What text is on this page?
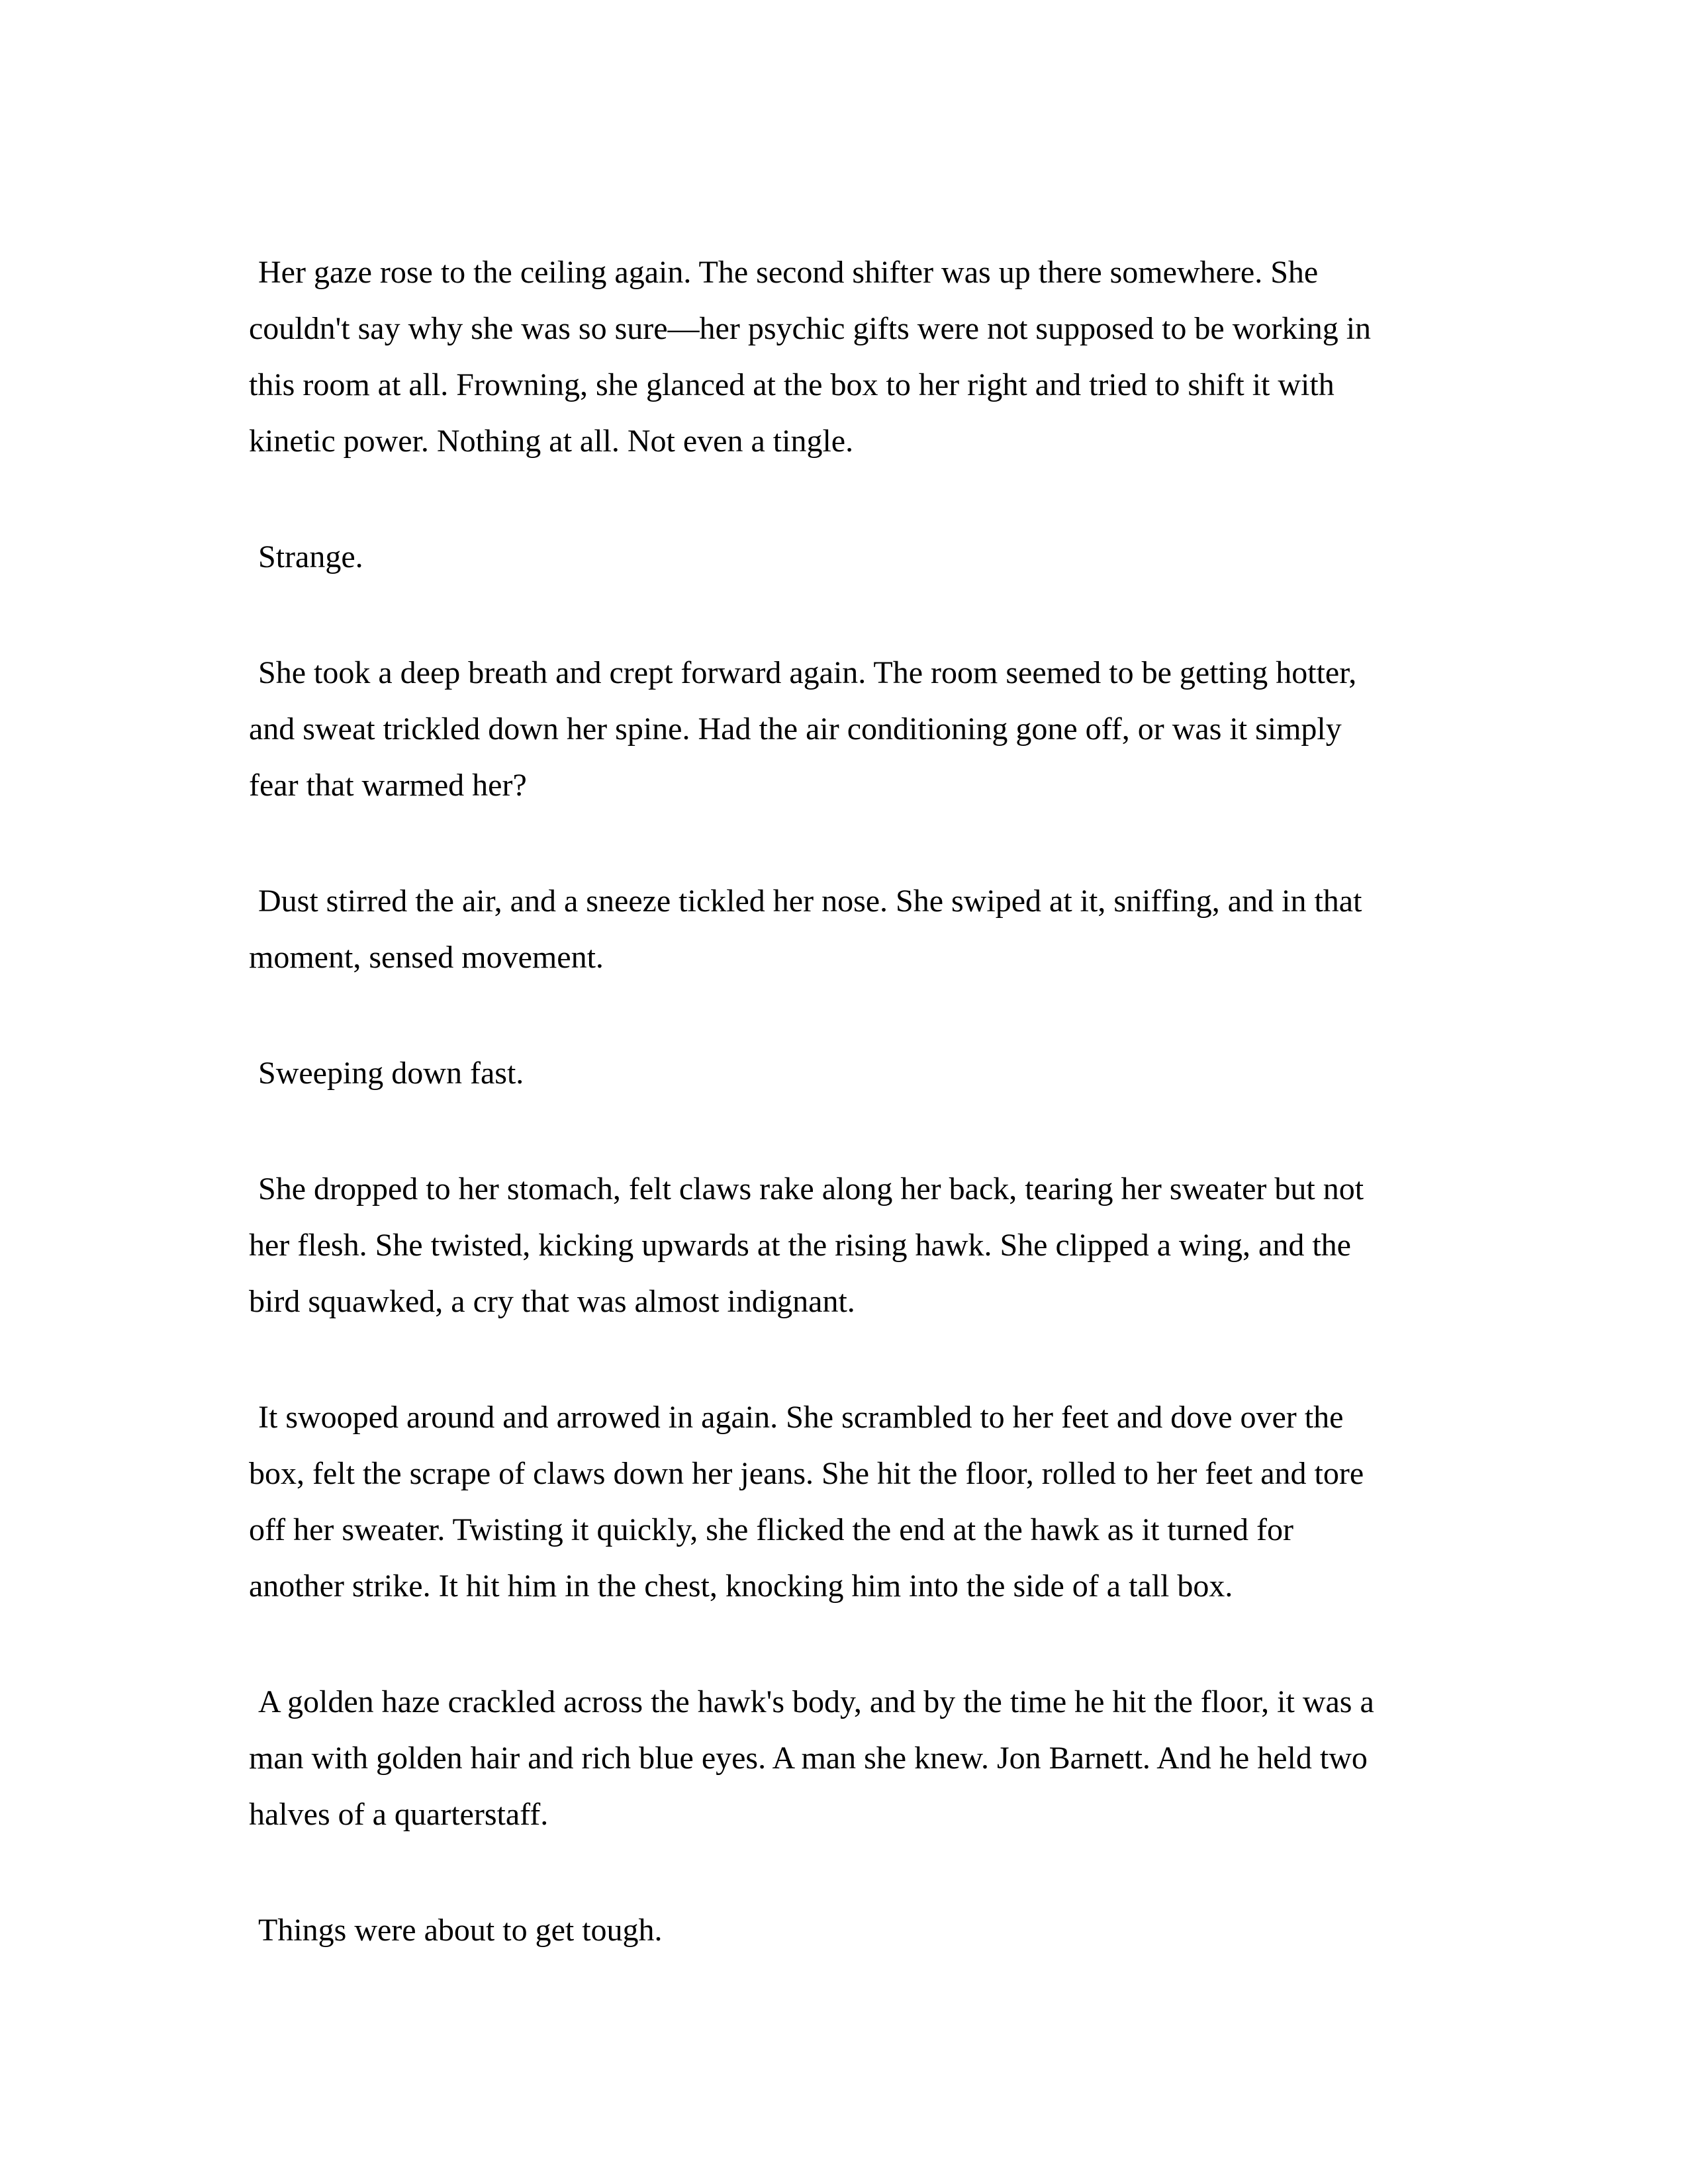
Her gaze rose to the ceiling again. The second shifter was up there somewhere. She
couldn't say why she was so sure—her psychic gifts were not supposed to be working in
this room at all. Frowning, she glanced at the box to her right and tried to shift it with
kinetic power. Nothing at all. Not even a tingle.

Strange.

She took a deep breath and crept forward again. The room seemed to be getting hotter,
and sweat trickled down her spine. Had the air conditioning gone off, or was it simply
fear that warmed her?

Dust stirred the air, and a sneeze tickled her nose. She swiped at it, sniffing, and in that
moment, sensed movement.

Sweeping down fast.

She dropped to her stomach, felt claws rake along her back, tearing her sweater but not
her flesh. She twisted, kicking upwards at the rising hawk. She clipped a wing, and the
bird squawked, a cry that was almost indignant.

It swooped around and arrowed in again. She scrambled to her feet and dove over the
box, felt the scrape of claws down her jeans. She hit the floor, rolled to her feet and tore
off her sweater. Twisting it quickly, she flicked the end at the hawk as it turned for
another strike. It hit him in the chest, knocking him into the side of a tall box.

A golden haze crackled across the hawk's body, and by the time he hit the floor, it was a
man with golden hair and rich blue eyes. A man she knew. Jon Barnett. And he held two
halves of a quarterstaff.

Things were about to get tough.
